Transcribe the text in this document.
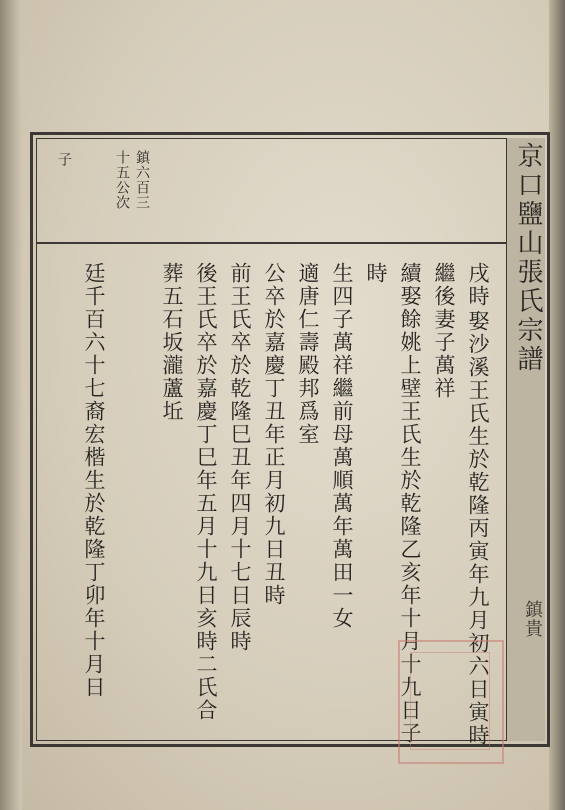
京口鹽山張氏宗譜
鎮六百三
十五公次
子
戌時
娶沙溪王氏生於乾隆丙寅年九月初六日寅時
繼後妻子萬祥
續娶餘姚上壁王氏生於乾隆乙亥年十月十九日子
時
生四子萬祥繼前母萬順萬年萬田一女
適唐仁壽殿邦爲室
公卒於嘉慶丁丑年正月初九日丑時
前王氏卒於乾隆巳丑年四月十七日辰時
後王氏卒於嘉慶丁巳年五月十九日亥時二氏合
葬五石坂瀧蘆坵
廷千百六十七裔宏楷生於乾隆丁卯年十月日	鎮貴
